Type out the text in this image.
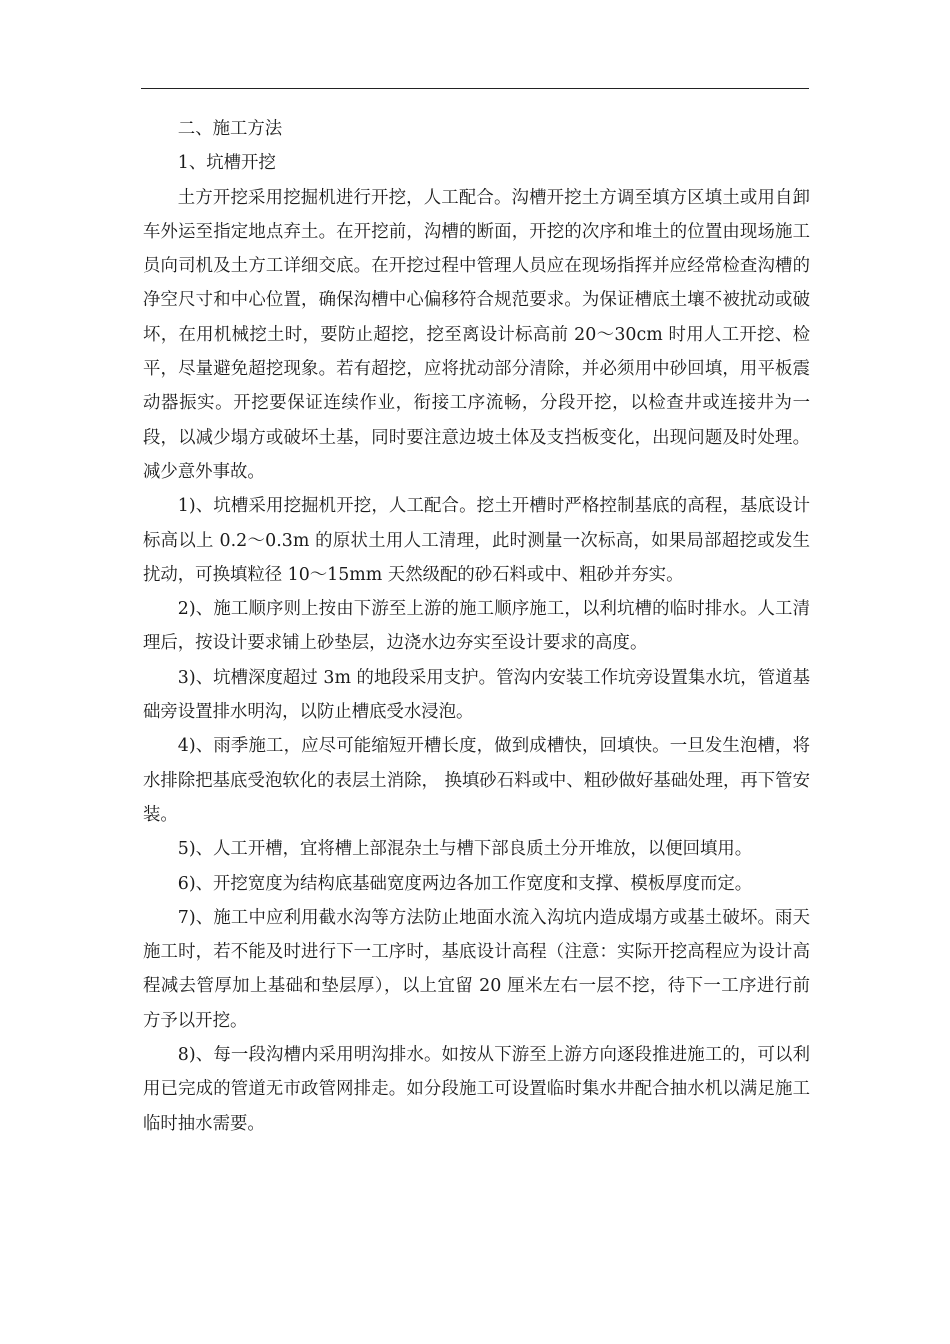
二、施工方法

1、坑槽开挖

土方开挖采用挖掘机进行开挖，人工配合。沟槽开挖土方调至填方区填土或用自卸车外运至指定地点弃土。在开挖前，沟槽的断面，开挖的次序和堆土的位置由现场施工员向司机及土方工详细交底。在开挖过程中管理人员应在现场指挥并应经常检查沟槽的净空尺寸和中心位置，确保沟槽中心偏移符合规范要求。为保证槽底土壤不被扰动或破坏，在用机械挖土时，要防止超挖，挖至离设计标高前 20～30cm 时用人工开挖、检平，尽量避免超挖现象。若有超挖，应将扰动部分清除，并必须用中砂回填，用平板震动器振实。开挖要保证连续作业，衔接工序流畅，分段开挖，以检查井或连接井为一段，以减少塌方或破坏土基，同时要注意边坡土体及支挡板变化，出现问题及时处理。减少意外事故。

1)、坑槽采用挖掘机开挖，人工配合。挖土开槽时严格控制基底的高程，基底设计标高以上 0.2～0.3m 的原状土用人工清理，此时测量一次标高，如果局部超挖或发生扰动，可换填粒径 10～15mm 天然级配的砂石料或中、粗砂并夯实。

2)、施工顺序则上按由下游至上游的施工顺序施工，以利坑槽的临时排水。人工清理后，按设计要求铺上砂垫层，边浇水边夯实至设计要求的高度。

3)、坑槽深度超过 3m 的地段采用支护。管沟内安装工作坑旁设置集水坑，管道基础旁设置排水明沟，以防止槽底受水浸泡。

4)、雨季施工，应尽可能缩短开槽长度，做到成槽快，回填快。一旦发生泡槽，将水排除把基底受泡软化的表层土消除， 换填砂石料或中、粗砂做好基础处理，再下管安装。

5)、人工开槽，宜将槽上部混杂土与槽下部良质土分开堆放，以便回填用。

6)、开挖宽度为结构底基础宽度两边各加工作宽度和支撑、模板厚度而定。

7)、施工中应利用截水沟等方法防止地面水流入沟坑内造成塌方或基土破坏。雨天施工时，若不能及时进行下一工序时，基底设计高程（注意：实际开挖高程应为设计高程减去管厚加上基础和垫层厚），以上宜留 20 厘米左右一层不挖，待下一工序进行前方予以开挖。

8)、每一段沟槽内采用明沟排水。如按从下游至上游方向逐段推进施工的，可以利用已完成的管道无市政管网排走。如分段施工可设置临时集水井配合抽水机以满足施工临时抽水需要。
